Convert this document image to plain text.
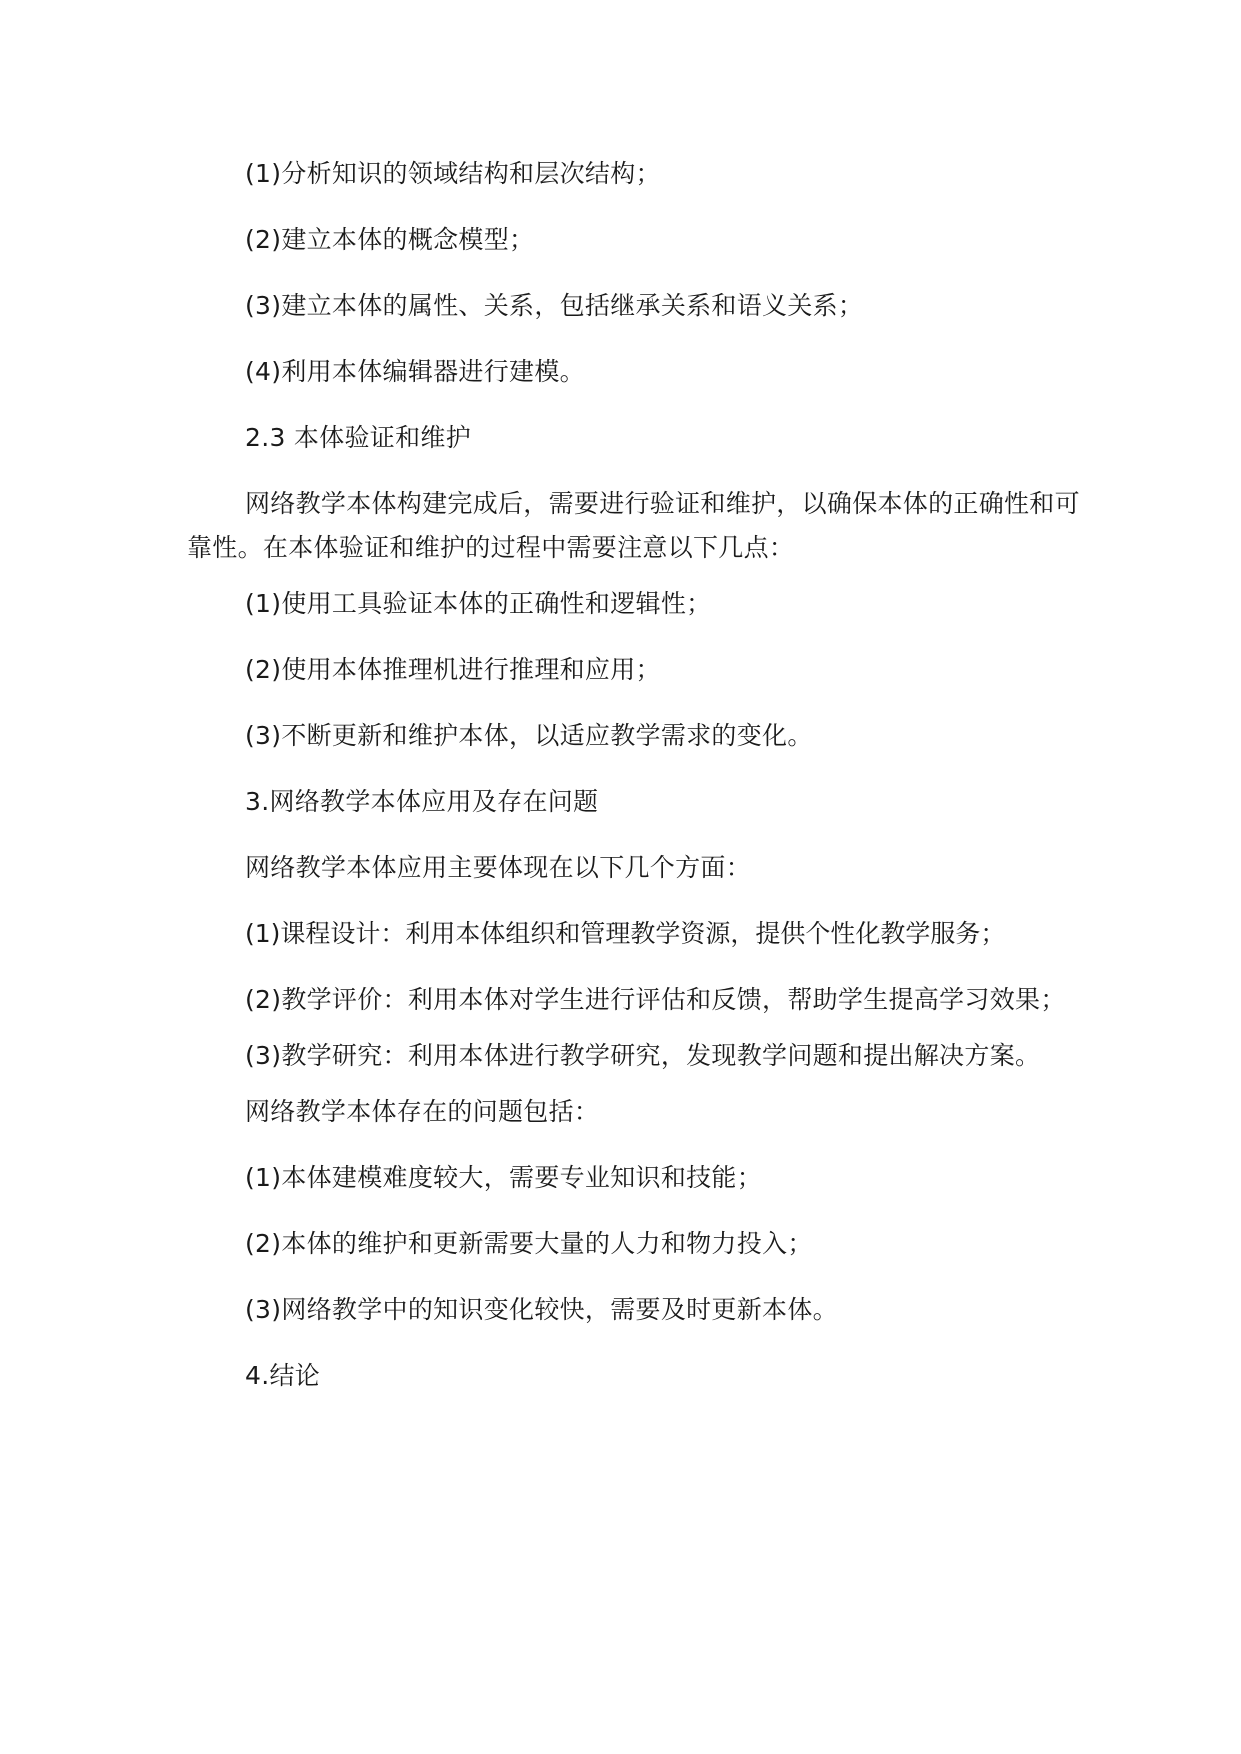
(1)分析知识的领域结构和层次结构；

(2)建立本体的概念模型；

(3)建立本体的属性、关系，包括继承关系和语义关系；

(4)利用本体编辑器进行建模。

2.3 本体验证和维护

网络教学本体构建完成后，需要进行验证和维护，以确保本体的正确性和可靠性。在本体验证和维护的过程中需要注意以下几点：

(1)使用工具验证本体的正确性和逻辑性；

(2)使用本体推理机进行推理和应用；

(3)不断更新和维护本体，以适应教学需求的变化。

3.网络教学本体应用及存在问题

网络教学本体应用主要体现在以下几个方面：

(1)课程设计：利用本体组织和管理教学资源，提供个性化教学服务；

(2)教学评价：利用本体对学生进行评估和反馈，帮助学生提高学习效果；

(3)教学研究：利用本体进行教学研究，发现教学问题和提出解决方案。

网络教学本体存在的问题包括：

(1)本体建模难度较大，需要专业知识和技能；

(2)本体的维护和更新需要大量的人力和物力投入；

(3)网络教学中的知识变化较快，需要及时更新本体。

4.结论
